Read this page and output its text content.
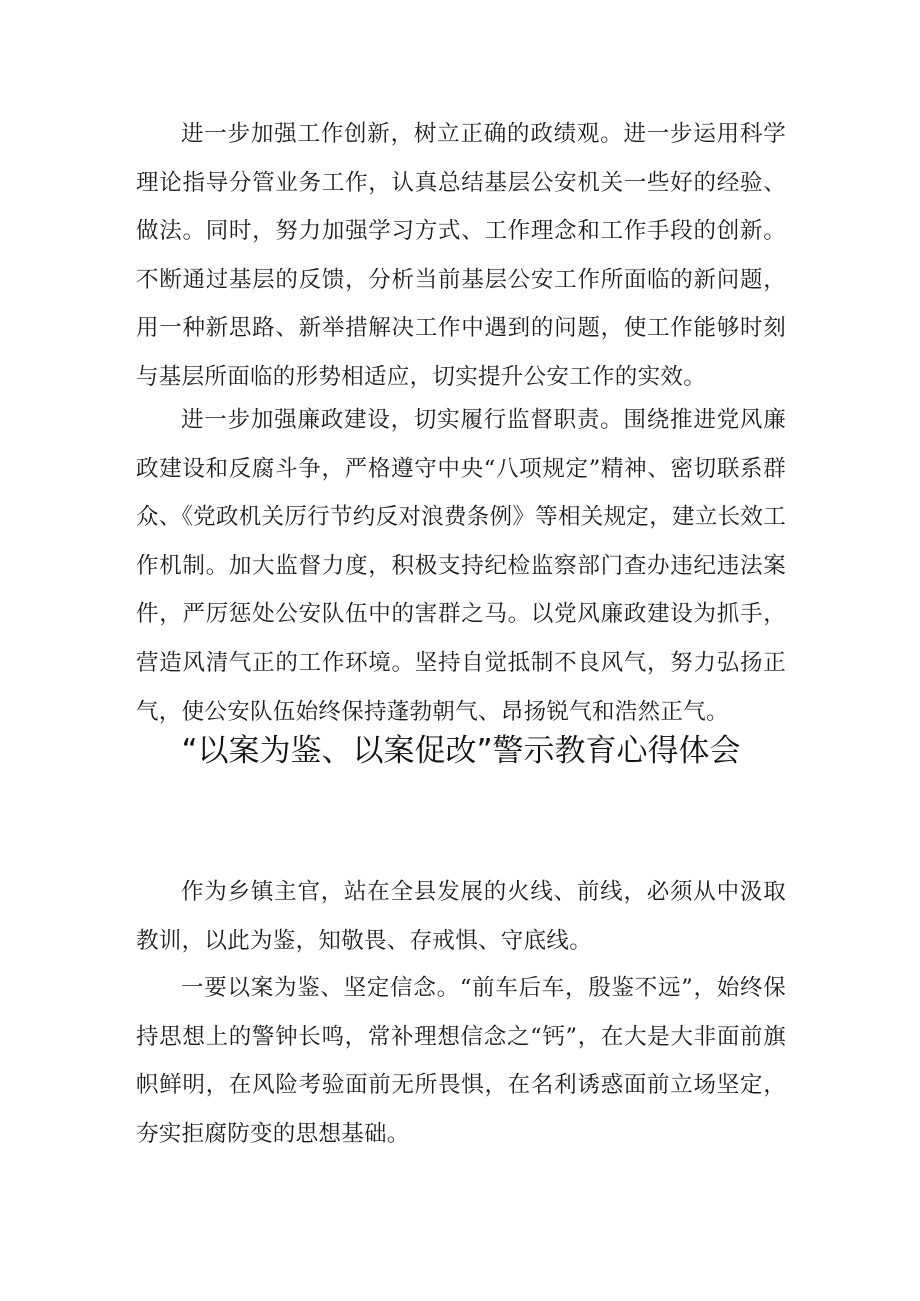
进一步加强工作创新，树立正确的政绩观。进一步运用科学理论指导分管业务工作，认真总结基层公安机关一些好的经验、做法。同时，努力加强学习方式、工作理念和工作手段的创新。不断通过基层的反馈，分析当前基层公安工作所面临的新问题，用一种新思路、新举措解决工作中遇到的问题，使工作能够时刻与基层所面临的形势相适应，切实提升公安工作的实效。

进一步加强廉政建设，切实履行监督职责。围绕推进党风廉政建设和反腐斗争，严格遵守中央“八项规定”精神、密切联系群众、《党政机关厉行节约反对浪费条例》等相关规定，建立长效工作机制。加大监督力度，积极支持纪检监察部门查办违纪违法案件，严厉惩处公安队伍中的害群之马。以党风廉政建设为抓手，营造风清气正的工作环境。坚持自觉抵制不良风气，努力弘扬正气，使公安队伍始终保持蓬勃朝气、昂扬锐气和浩然正气。

“以案为鉴、以案促改”警示教育心得体会

作为乡镇主官，站在全县发展的火线、前线，必须从中汲取教训，以此为鉴，知敬畏、存戒惧、守底线。

一要以案为鉴、坚定信念。“前车后车，殷鉴不远”，始终保持思想上的警钟长鸣，常补理想信念之“钙”，在大是大非面前旗帜鲜明，在风险考验面前无所畏惧，在名利诱惑面前立场坚定，夯实拒腐防变的思想基础。
